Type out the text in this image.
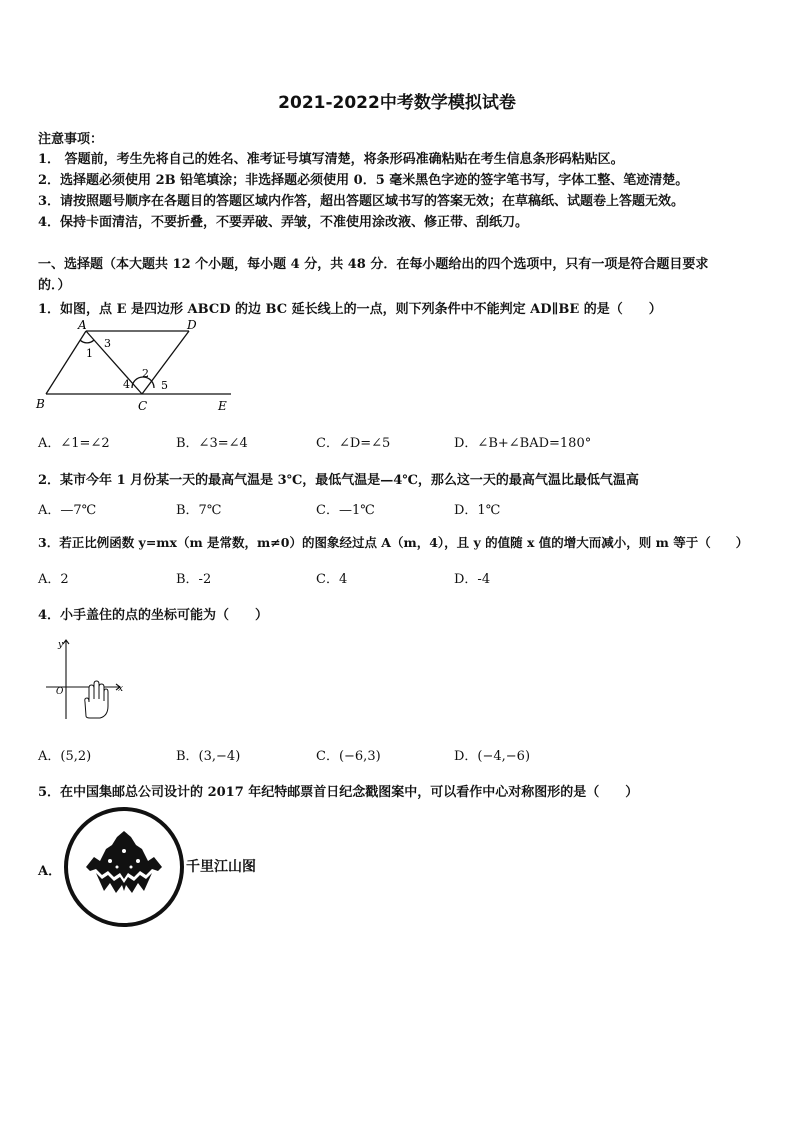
2021-2022中考数学模拟试卷
注意事项：
1． 答题前，考生先将自己的姓名、准考证号填写清楚，将条形码准确粘贴在考生信息条形码粘贴区。
2．选择题必须使用 2B 铅笔填涂；非选择题必须使用 0．5 毫米黑色字迹的签字笔书写，字体工整、笔迹清楚。
3．请按照题号顺序在各题目的答题区域内作答，超出答题区域书写的答案无效；在草稿纸、试题卷上答题无效。
4．保持卡面清洁，不要折叠，不要弄破、弄皱，不准使用涂改液、修正带、刮纸刀。
一、选择题（本大题共 12 个小题，每小题 4 分，共 48 分．在每小题给出的四个选项中，只有一项是符合题目要求
的．）
1．如图，点 E 是四边形 ABCD 的边 BC 延长线上的一点，则下列条件中不能判定 AD∥BE 的是（　　）
A	D
B	C	E
1
2
3
4	5
A．∠1=∠2	B．∠3=∠4	C．∠D=∠5	D．∠B+∠BAD=180°
2．某市今年 1 月份某一天的最高气温是 3℃，最低气温是—4℃，那么这一天的最高气温比最低气温高
A．—7℃	B．7℃	C．—1℃	D．1℃
3．若正比例函数 y=mx（m 是常数，m≠0）的图象经过点 A（m，4），且 y 的值随 x 值的增大而减小，则 m 等于（　　）
A．2	B．-2	C．4	D．-4
4．小手盖住的点的坐标可能为（　　）
y
x
O
A．(5,2)	B．(3,−4)	C．(−6,3)	D．(−4,−6)
5．在中国集邮总公司设计的 2017 年纪特邮票首日纪念戳图案中，可以看作中心对称图形的是（　　）
A．	千里江山图
